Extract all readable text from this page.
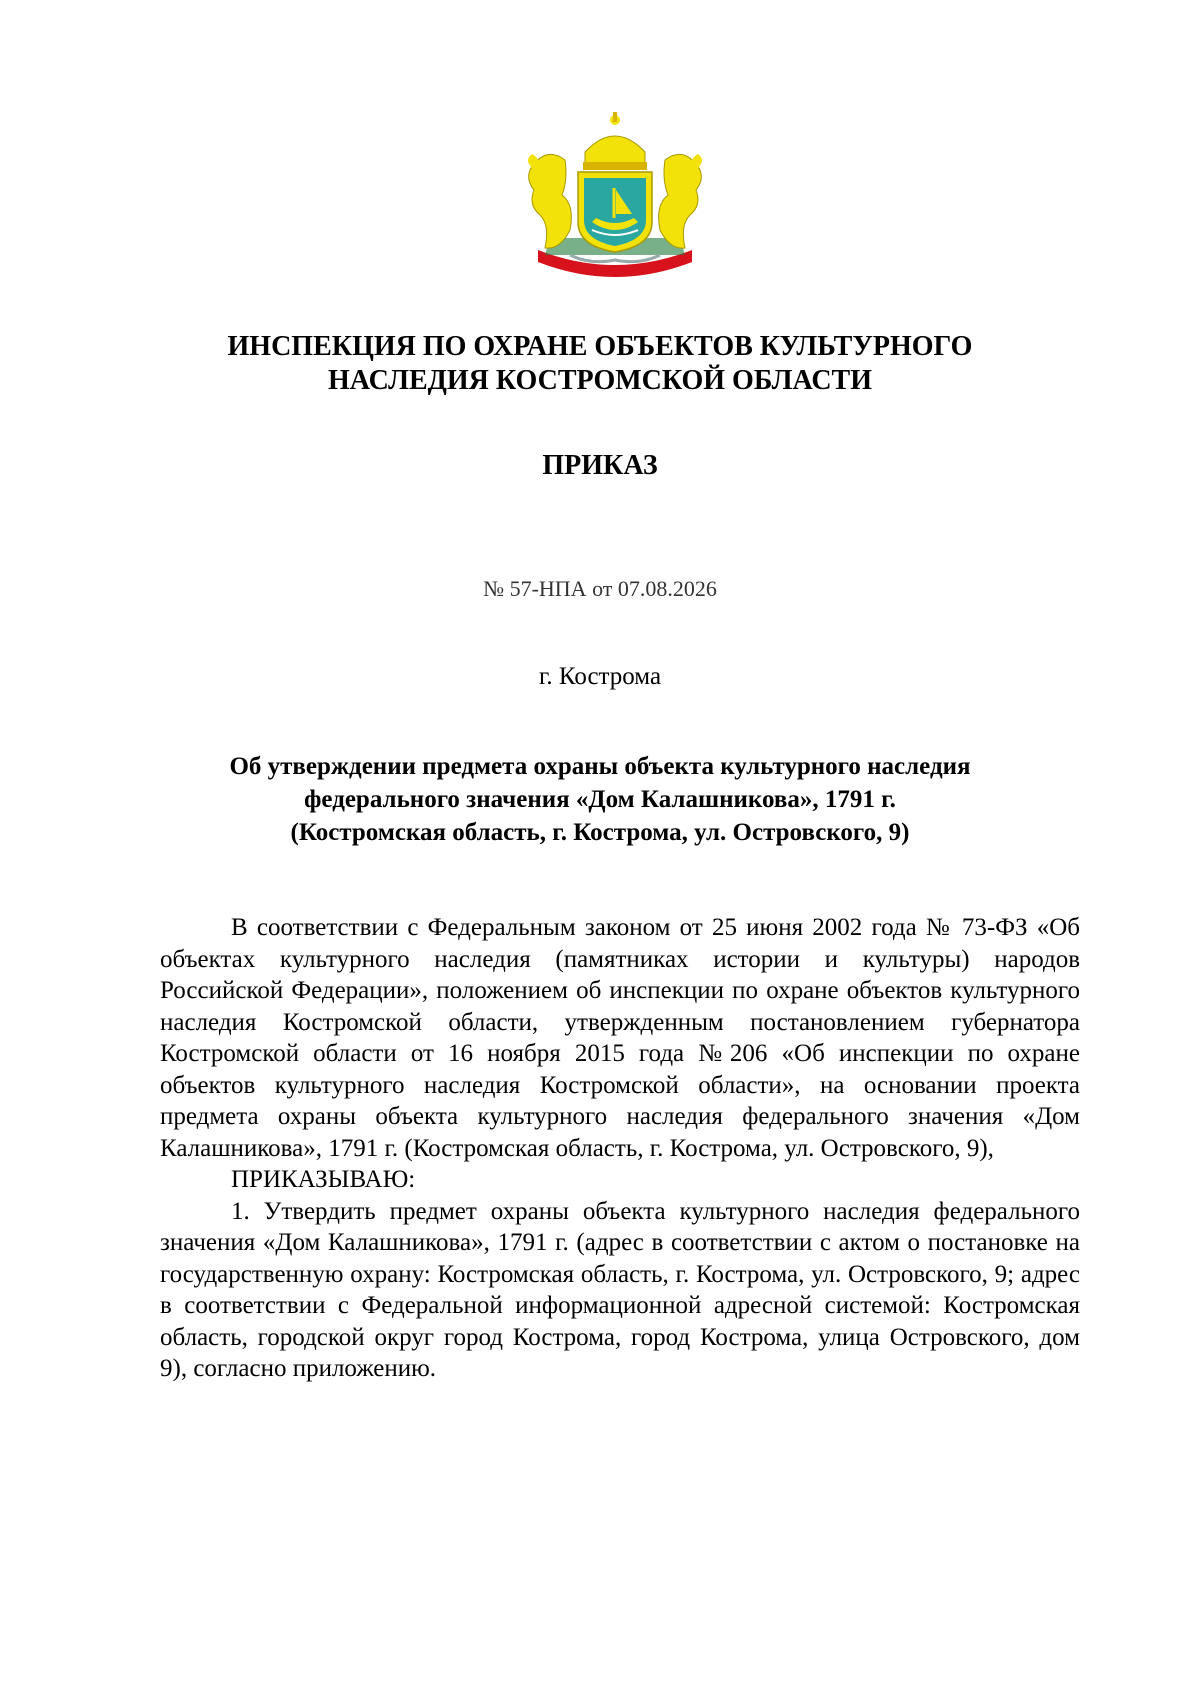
ИНСПЕКЦИЯ ПО ОХРАНЕ ОБЪЕКТОВ КУЛЬТУРНОГО
НАСЛЕДИЯ КОСТРОМСКОЙ ОБЛАСТИ
ПРИКАЗ
№ 57-НПА от 07.08.2026
г. Кострома
Об утверждении предмета охраны объекта культурного наследия
федерального значения «Дом Калашникова», 1791 г.
(Костромская область, г. Кострома, ул. Островского, 9)

В соответствии с Федеральным законом от 25 июня 2002 года № 73-ФЗ «Об объектах культурного наследия (памятниках истории и культуры) народов Российской Федерации», положением об инспекции по охране объектов культурного наследия Костромской области, утвержденным постановлением губернатора Костромской области от 16 ноября 2015 года №206 «Об инспекции по охране объектов культурного наследия Костромской области», на основании проекта предмета охраны объекта культурного наследия федерального значения «Дом Калашникова», 1791 г. (Костромская область, г. Кострома, ул. Островского, 9),

ПРИКАЗЫВАЮ:

1. Утвердить предмет охраны объекта культурного наследия федерального значения «Дом Калашникова», 1791 г. (адрес в соответствии с актом о постановке на государственную охрану: Костромская область, г. Кострома, ул. Островского, 9; адрес в соответствии с Федеральной информационной адресной системой: Костромская область, городской округ город Кострома, город Кострома, улица Островского, дом 9), согласно приложению.
